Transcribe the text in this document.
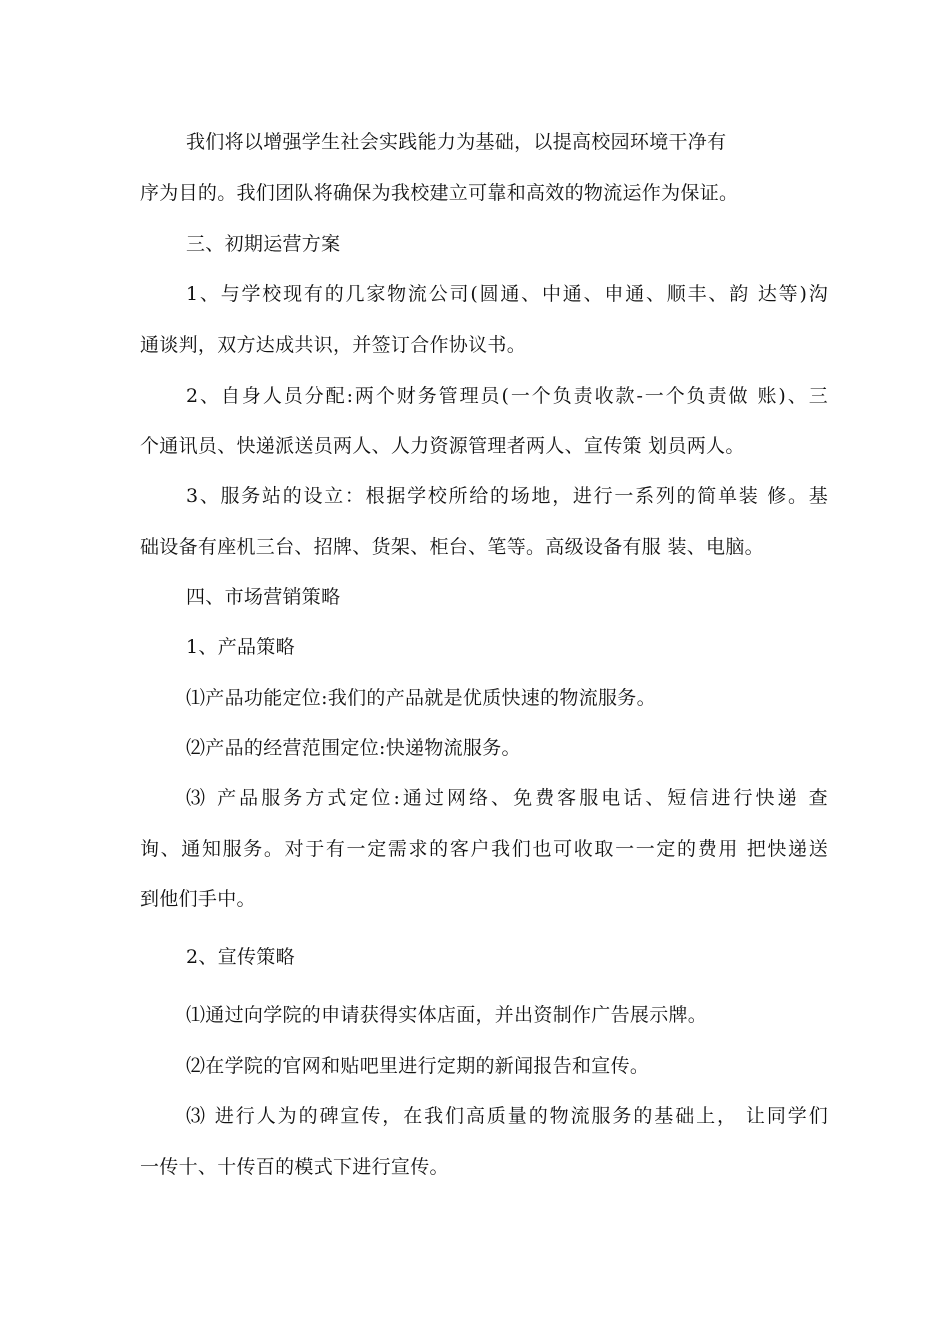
我们将以增强学生社会实践能力为基础，以提高校园环境干净有
序为目的。我们团队将确保为我校建立可靠和高效的物流运作为保证。
三、初期运营方案
1、与学校现有的几家物流公司(圆通、中通、申通、顺丰、韵 达等)沟
通谈判，双方达成共识，并签订合作协议书。
2、自身人员分配:两个财务管理员(一个负责收款-一个负责做 账)、三
个通讯员、快递派送员两人、人力资源管理者两人、宣传策 划员两人。
3、服务站的设立：根据学校所给的场地，进行一系列的简单装 修。基
础设备有座机三台、招牌、货架、柜台、笔等。高级设备有服 装、电脑。
四、市场营销策略
1、产品策略
⑴产品功能定位:我们的产品就是优质快速的物流服务。
⑵产品的经营范围定位:快递物流服务。
⑶ 产品服务方式定位:通过网络、免费客服电话、短信进行快递 查
询、通知服务。对于有一定需求的客户我们也可收取一一定的费用 把快递送
到他们手中。
2、宣传策略
⑴通过向学院的申请获得实体店面，并出资制作广告展示牌。
⑵在学院的官网和贴吧里进行定期的新闻报告和宣传。
⑶ 进行人为的碑宣传，在我们高质量的物流服务的基础上， 让同学们
一传十、十传百的模式下进行宣传。
